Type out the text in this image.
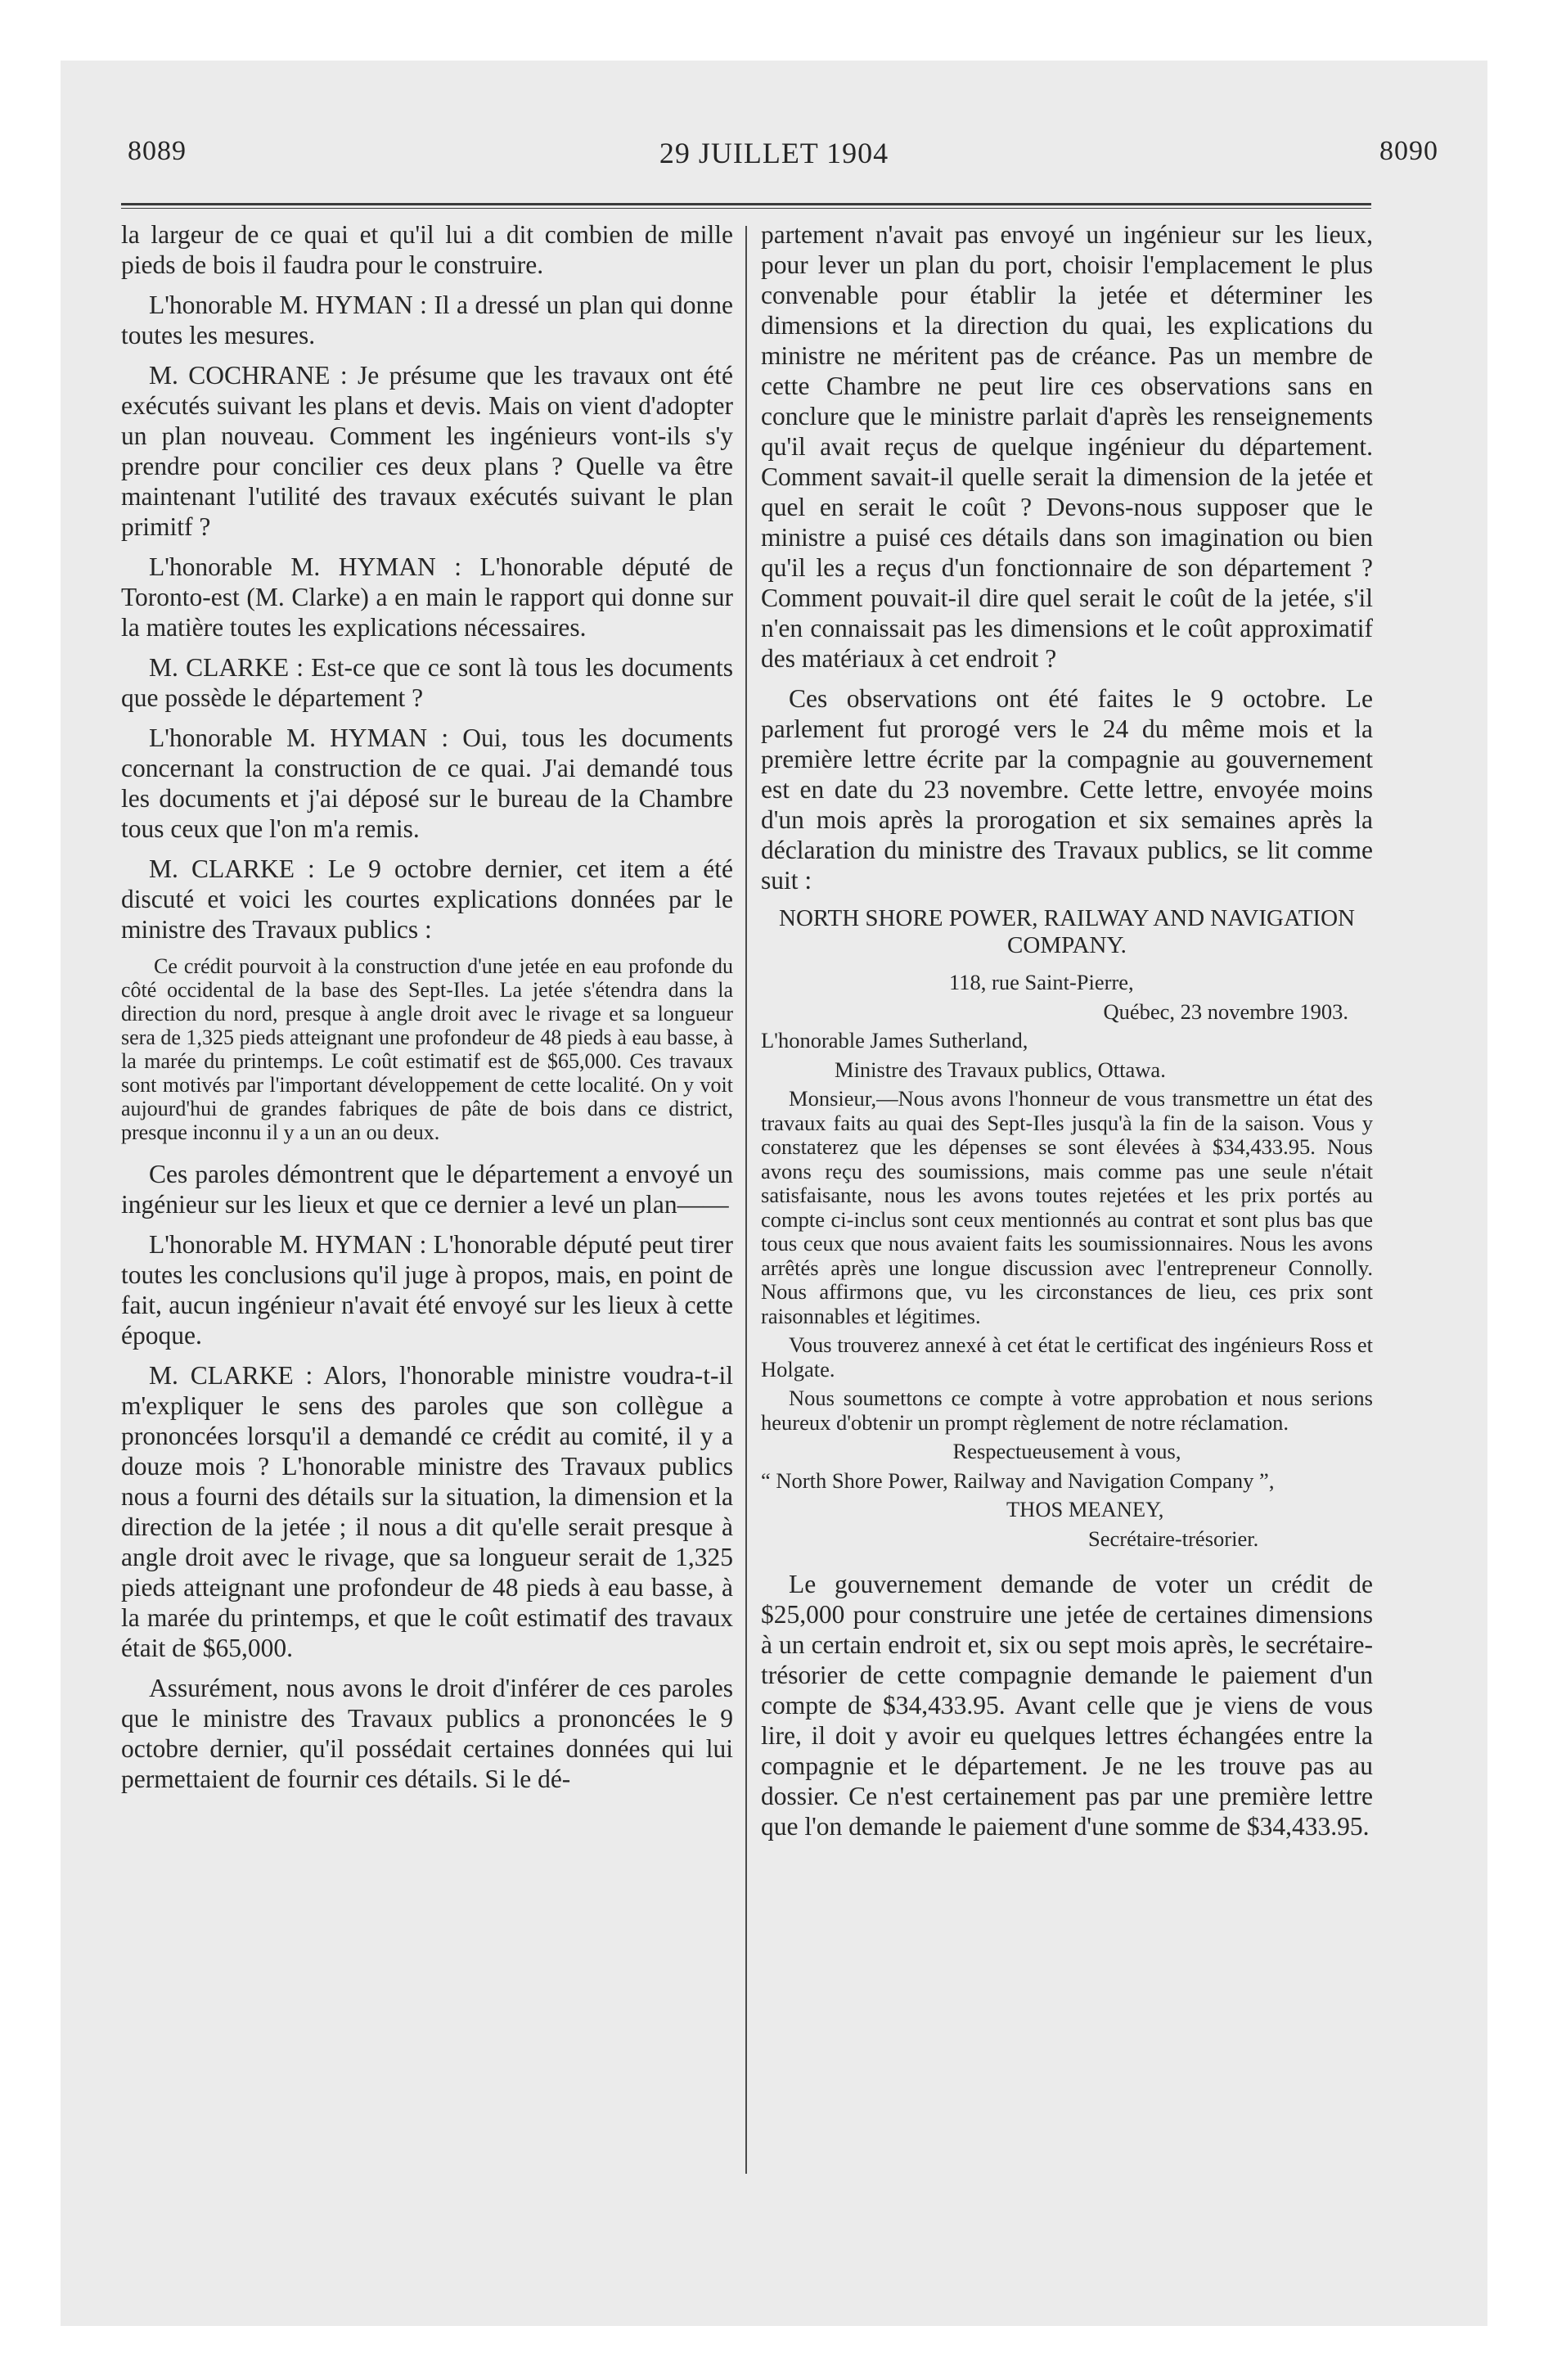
8089	29 JUILLET 1904	8090

la largeur de ce quai et qu'il lui a dit combien de mille pieds de bois il faudra pour le construire.

L'honorable M. HYMAN : Il a dressé un plan qui donne toutes les mesures.

M. COCHRANE : Je présume que les travaux ont été exécutés suivant les plans et devis. Mais on vient d'adopter un plan nouveau. Comment les ingénieurs vont-ils s'y prendre pour concilier ces deux plans ? Quelle va être maintenant l'utilité des travaux exécutés suivant le plan primitf ?

L'honorable M. HYMAN : L'honorable député de Toronto-est (M. Clarke) a en main le rapport qui donne sur la matière toutes les explications nécessaires.

M. CLARKE : Est-ce que ce sont là tous les documents que possède le département ?

L'honorable M. HYMAN : Oui, tous les documents concernant la construction de ce quai. J'ai demandé tous les documents et j'ai déposé sur le bureau de la Chambre tous ceux que l'on m'a remis.

M. CLARKE : Le 9 octobre dernier, cet item a été discuté et voici les courtes explications données par le ministre des Travaux publics :

Ce crédit pourvoit à la construction d'une jetée en eau profonde du côté occidental de la base des Sept-Iles. La jetée s'étendra dans la direction du nord, presque à angle droit avec le rivage et sa longueur sera de 1,325 pieds atteignant une profondeur de 48 pieds à eau basse, à la marée du printemps. Le coût estimatif est de $65,000. Ces travaux sont motivés par l'important développement de cette localité. On y voit aujourd'hui de grandes fabriques de pâte de bois dans ce district, presque inconnu il y a un an ou deux.

Ces paroles démontrent que le département a envoyé un ingénieur sur les lieux et que ce dernier a levé un plan——

L'honorable M. HYMAN : L'honorable député peut tirer toutes les conclusions qu'il juge à propos, mais, en point de fait, aucun ingénieur n'avait été envoyé sur les lieux à cette époque.

M. CLARKE : Alors, l'honorable ministre voudra-t-il m'expliquer le sens des paroles que son collègue a prononcées lorsqu'il a demandé ce crédit au comité, il y a douze mois ? L'honorable ministre des Travaux publics nous a fourni des détails sur la situation, la dimension et la direction de la jetée ; il nous a dit qu'elle serait presque à angle droit avec le rivage, que sa longueur serait de 1,325 pieds atteignant une profondeur de 48 pieds à eau basse, à la marée du printemps, et que le coût estimatif des travaux était de $65,000.

Assurément, nous avons le droit d'inférer de ces paroles que le ministre des Travaux publics a prononcées le 9 octobre dernier, qu'il possédait certaines données qui lui permettaient de fournir ces détails. Si le dé-

partement n'avait pas envoyé un ingénieur sur les lieux, pour lever un plan du port, choisir l'emplacement le plus convenable pour établir la jetée et déterminer les dimensions et la direction du quai, les explications du ministre ne méritent pas de créance. Pas un membre de cette Chambre ne peut lire ces observations sans en conclure que le ministre parlait d'après les renseignements qu'il avait reçus de quelque ingénieur du département. Comment savait-il quelle serait la dimension de la jetée et quel en serait le coût ? Devons-nous supposer que le ministre a puisé ces détails dans son imagination ou bien qu'il les a reçus d'un fonctionnaire de son département ? Comment pouvait-il dire quel serait le coût de la jetée, s'il n'en connaissait pas les dimensions et le coût approximatif des matériaux à cet endroit ?

Ces observations ont été faites le 9 octobre. Le parlement fut prorogé vers le 24 du même mois et la première lettre écrite par la compagnie au gouvernement est en date du 23 novembre. Cette lettre, envoyée moins d'un mois après la prorogation et six semaines après la déclaration du ministre des Travaux publics, se lit comme suit :

NORTH SHORE POWER, RAILWAY AND NAVIGATION COMPANY.

118, rue Saint-Pierre,

Québec, 23 novembre 1903.

L'honorable James Sutherland,

Ministre des Travaux publics, Ottawa.

Monsieur,—Nous avons l'honneur de vous transmettre un état des travaux faits au quai des Sept-Iles jusqu'à la fin de la saison. Vous y constaterez que les dépenses se sont élevées à $34,433.95. Nous avons reçu des soumissions, mais comme pas une seule n'était satisfaisante, nous les avons toutes rejetées et les prix portés au compte ci-inclus sont ceux mentionnés au contrat et sont plus bas que tous ceux que nous avaient faits les soumissionnaires. Nous les avons arrêtés après une longue discussion avec l'entrepreneur Connolly. Nous affirmons que, vu les circonstances de lieu, ces prix sont raisonnables et légitimes.

Vous trouverez annexé à cet état le certificat des ingénieurs Ross et Holgate.

Nous soumettons ce compte à votre approbation et nous serions heureux d'obtenir un prompt règlement de notre réclamation.

Respectueusement à vous,

“ North Shore Power, Railway and Navigation Company ”,

THOS MEANEY,

Secrétaire-trésorier.

Le gouvernement demande de voter un crédit de $25,000 pour construire une jetée de certaines dimensions à un certain endroit et, six ou sept mois après, le secrétaire-trésorier de cette compagnie demande le paiement d'un compte de $34,433.95. Avant celle que je viens de vous lire, il doit y avoir eu quelques lettres échangées entre la compagnie et le département. Je ne les trouve pas au dossier. Ce n'est certainement pas par une première lettre que l'on demande le paiement d'une somme de $34,433.95.
